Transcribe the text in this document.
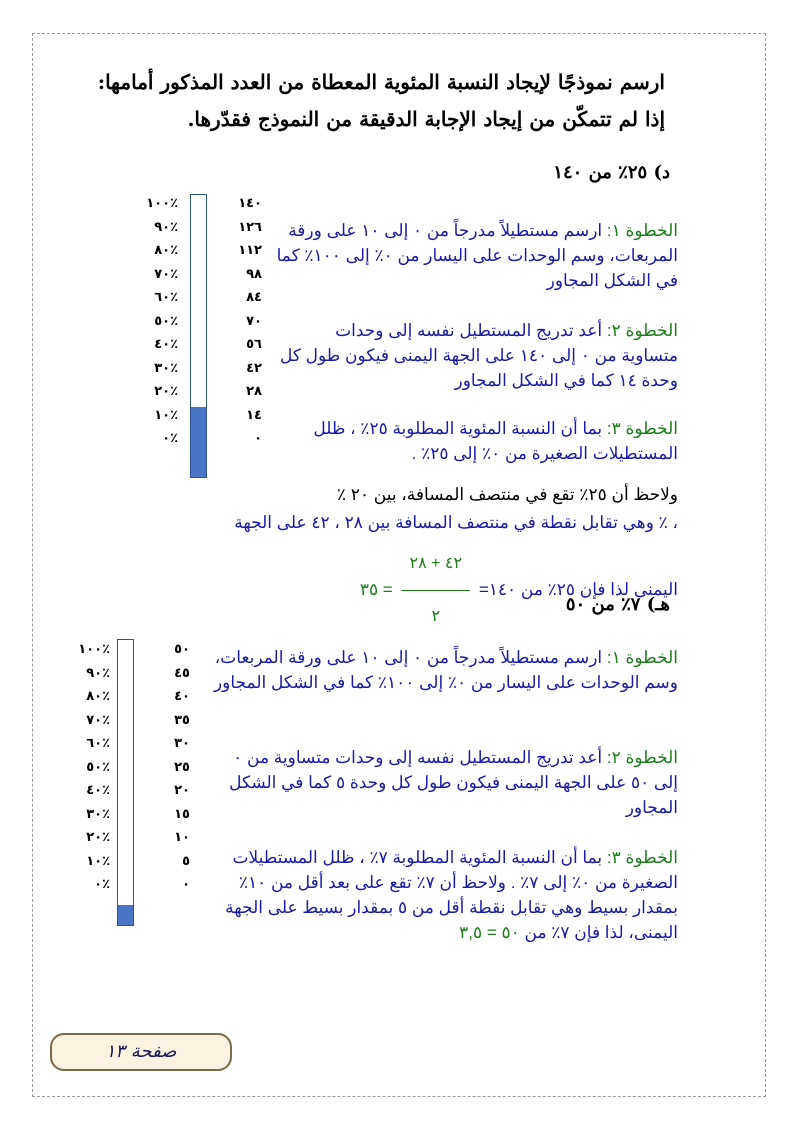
ارسم نموذجًا لإيجاد النسبة المئوية المعطاة من العدد المذكور أمامها:
إذا لم تتمكّن من إيجاد الإجابة الدقيقة من النموذج فقدّرها.
د) ٢٥٪ من ١٤٠
٪١٠٠
٪٩٠
٪٨٠
٪٧٠
٪٦٠
٪٥٠
٪٤٠
٪٣٠
٪٢٠
٪١٠
٪٠
١٤٠
١٢٦
١١٢
٩٨
٨٤
٧٠
٥٦
٤٢
٢٨
١٤
٠
الخطوة ١: ارسم مستطيلاً مدرجاً من ٠ إلى ١٠ على ورقة المربعات، وسم الوحدات على اليسار من ٠٪ إلى ١٠٠٪ كما في الشكل المجاور
الخطوة ٢: أعد تدريج المستطيل نفسه إلى وحدات متساوية من ٠ إلى ١٤٠ على الجهة اليمنى فيكون طول كل وحدة ١٤ كما في الشكل المجاور
الخطوة ٣: بما أن النسبة المئوية المطلوبة ٢٥٪ ، ظلل المستطيلات الصغيرة من ٠٪ إلى ٢٥٪ .
ولاحظ أن ٢٥٪ تقع في منتصف المسافة، بين ٢٠ ٪
، ٪ وهي تقابل نقطة في منتصف المسافة بين ٢٨ ، ٤٢ على الجهة
اليمنى لذا فإن ٢٥٪ من ١٤٠=
$\frac{٤٢ + ٢٨}{٢}$
= ٣٥
هـ) ٧٪ من ٥٠
٪١٠٠
٪٩٠
٪٨٠
٪٧٠
٪٦٠
٪٥٠
٪٤٠
٪٣٠
٪٢٠
٪١٠
٪٠
٥٠
٤٥
٤٠
٣٥
٣٠
٢٥
٢٠
١٥
١٠
٥
٠
الخطوة ١: ارسم مستطيلاً مدرجاً من ٠ إلى ١٠ على ورقة المربعات، وسم الوحدات على اليسار من ٠٪ إلى ١٠٠٪ كما في الشكل المجاور
الخطوة ٢: أعد تدريج المستطيل نفسه إلى وحدات متساوية من ٠ إلى ٥٠ على الجهة اليمنى فيكون طول كل وحدة ٥ كما في الشكل المجاور
الخطوة ٣: بما أن النسبة المئوية المطلوبة ٧٪ ، ظلل المستطيلات الصغيرة من ٠٪ إلى ٧٪ . ولاحظ أن ٧٪ تقع على بعد أقل من ١٠٪ بمقدار بسيط وهي تقابل نقطة أقل من ٥ بمقدار بسيط على الجهة اليمنى، لذا فإن ٧٪ من ٥٠ = ٣,٥
صفحة ١٣
